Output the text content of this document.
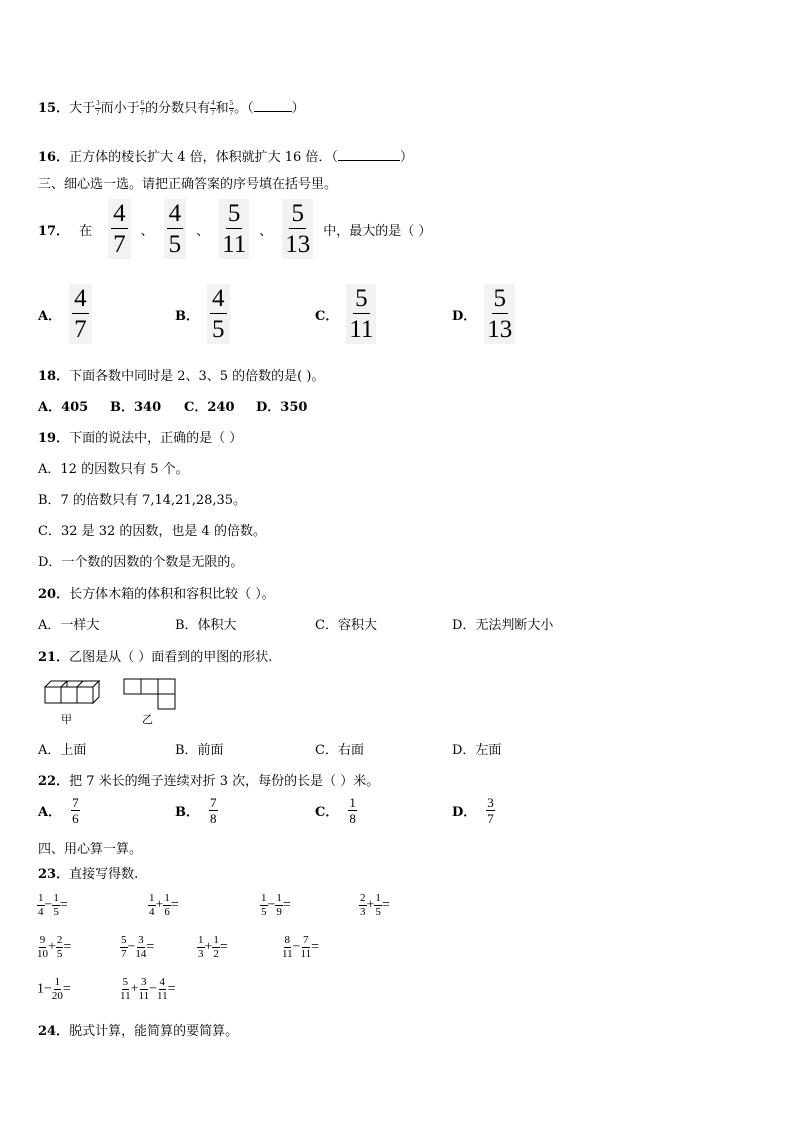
15．大于 $\frac{3}{7}$ 而小于 $\frac{6}{7}$ 的分数只有 $\frac{4}{7}$ 和 $\frac{5}{7}$ 。（	）
16．正方体的棱长扩大 4 倍，体积就扩大 16 倍．（	）
三、细心选一选。请把正确答案的序号填在括号里。
17． 在
4
7 、
4
5 、
5
11 、
5
13 中，最大的是（ ）
A．
4
7	B．
4
5	C．
5
11	D．
5
13
18．下面各数中同时是 2、3、5 的倍数的是( )。
A．405 B．340 C．240 D．350
19．下面的说法中，正确的是（ ）
A．12 的因数只有 5 个。
B．7 的倍数只有 7,14,21,28,35。
C．32 是 32 的因数，也是 4 的倍数。
D．一个数的因数的个数是无限的。
20．长方体木箱的体积和容积比较（ ）。
A．一样大	B．体积大	C．容积大	D．无法判断大小
21．乙图是从（ ）面看到的甲图的形状.
甲	乙
A．上面	B．前面	C．右面	D．左面
22．把 7 米长的绳子连续对折 3 次，每份的长是（ ）米。
A． $\frac{7}{6}$	B． $\frac{7}{8}$	C． $\frac{1}{8}$	D． $\frac{3}{7}$
四、用心算一算。
23．直接写得数.
$\frac{1}{4} - \frac{1}{5}$ =	$\frac{1}{4} + \frac{1}{6}$ =	$\frac{1}{5} - \frac{1}{9}$ =	$\frac{2}{3} + \frac{1}{5}$ =
$\frac{9}{10} + \frac{2}{5}$ =	$\frac{5}{7} - \frac{3}{14}$ =	$\frac{1}{3} + \frac{1}{2}$ =	$\frac{8}{11} - \frac{7}{11}$ =
$1- \frac{1}{20}$ =	$\frac{5}{11} + \frac{3}{11} - \frac{4}{11}$ =
24．脱式计算，能简算的要简算。
